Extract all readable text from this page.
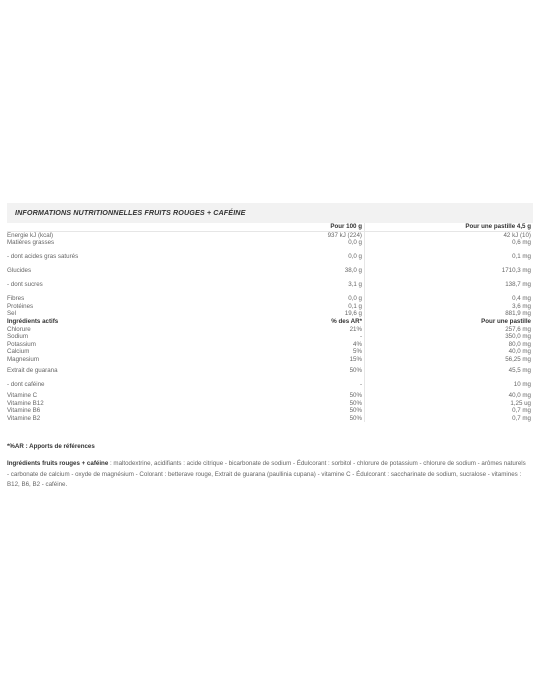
INFORMATIONS NUTRITIONNELLES FRUITS ROUGES + CAFÉINE
	Pour 100 g	Pour une pastille 4,5 g
Energie kJ (kcal)	937 kJ (224)	42 kJ (10)
Matières grasses	0,0 g	0,6 mg
- dont acides gras saturés	0,0 g	0,1 mg
Glucides	38,0 g	1710,3 mg
- dont sucres	3,1 g	138,7 mg
Fibres	0,0 g	0,4 mg
Protéines	0,1 g	3,6 mg
Sel	19,6 g	881,9 mg
Ingrédients actifs	% des AR*	Pour une pastille
Chlorure	21%	257,6 mg
Sodium	-	350,0 mg
Potassium	4%	80,0 mg
Calcium	5%	40,0 mg
Magnesium	15%	56,25 mg
Extrait de guarana	50%	45,5 mg
- dont caféine	-	10 mg
Vitamine C	50%	40,0 mg
Vitamine B12	50%	1,25 ug
Vitamine B6	50%	0,7 mg
Vitamine B2	50%	0,7 mg
*%AR : Apports de références
Ingrédients fruits rouges + caféine : maltodextrine, acidifiants : acide citrique - bicarbonate de sodium - Édulcorant : sorbitol - chlorure de potassium - chlorure de sodium - arômes naturels - carbonate de calcium - oxyde de magnésium - Colorant : betterave rouge, Extrait de guarana (paullinia cupana) - vitamine C - Édulcorant : saccharinate de sodium, sucralose - vitamines : B12, B6, B2 - caféine.
